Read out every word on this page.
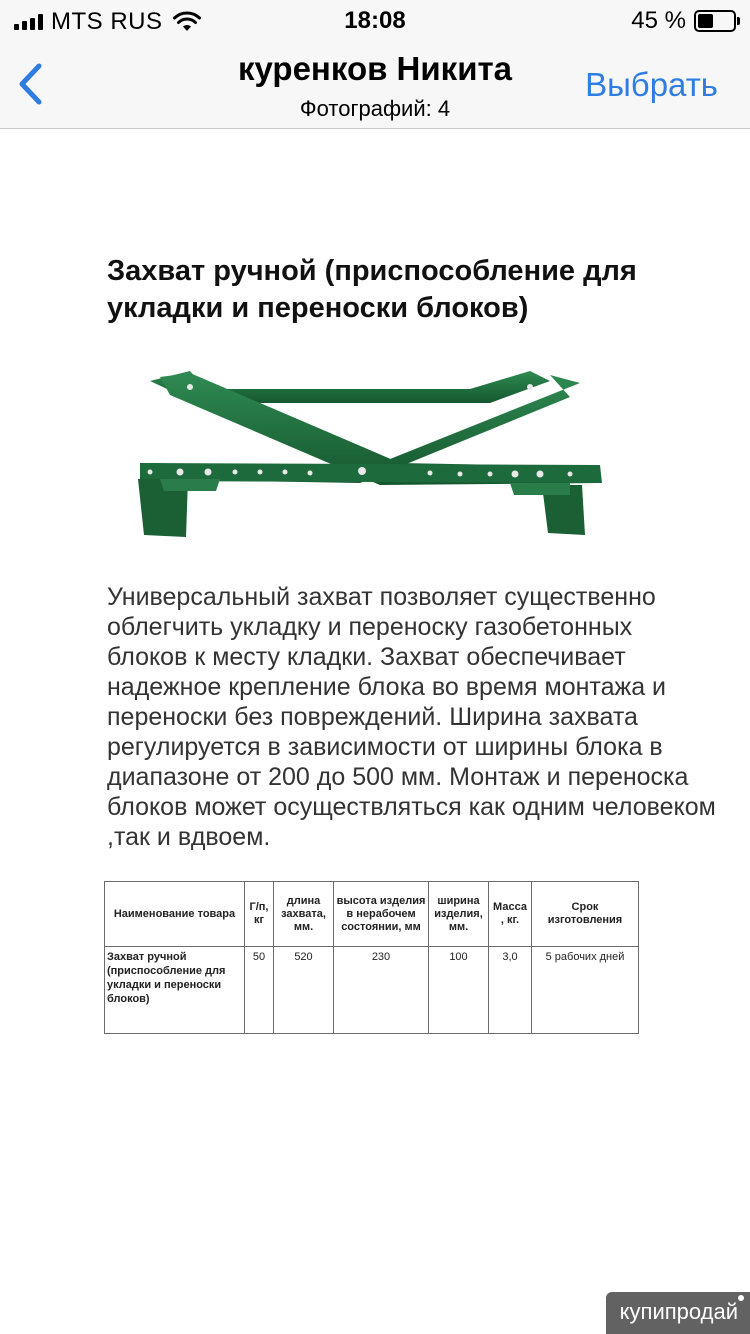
MTS RUS	18:08	45 %
куренков Никита
Фотографий: 4
Выбрать
Захват ручной (приспособление для укладки и переноски блоков)
Универсальный захват позволяет существенно облегчить укладку и переноску газобетонных блоков к месту кладки. Захват обеспечивает надежное крепление блока во время монтажа и переноски без повреждений. Ширина захвата регулируется в зависимости от ширины блока в диапазоне от 200 до 500 мм. Монтаж и переноска блоков может осуществляться как одним человеком ,так и вдвоем.
Наименование товара	Г/п, кг	длина захвата, мм.	высота изделия в нерабочем состоянии, мм	ширина изделия, мм.	Масса , кг.	Срок изготовления
Захват ручной (приспособление для укладки и переноски блоков)	50	520	230	100	3,0	5 рабочих дней
купипродай
